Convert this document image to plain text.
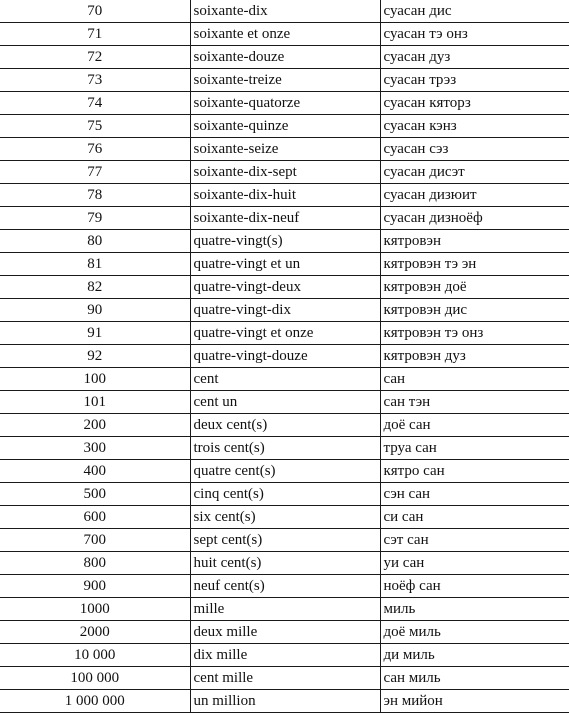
70	soixante-dix	суасан дис
71	soixante et onze	суасан тэ онз
72	soixante-douze	суасан дуз
73	soixante-treize	суасан трэз
74	soixante-quatorze	суасан кяторз
75	soixante-quinze	суасан кэнз
76	soixante-seize	суасан сэз
77	soixante-dix-sept	суасан дисэт
78	soixante-dix-huit	суасан дизюит
79	soixante-dix-neuf	суасан дизноёф
80	quatre-vingt(s)	кятровэн
81	quatre-vingt et un	кятровэн тэ эн
82	quatre-vingt-deux	кятровэн доё
90	quatre-vingt-dix	кятровэн дис
91	quatre-vingt et onze	кятровэн тэ онз
92	quatre-vingt-douze	кятровэн дуз
100	cent	сан
101	cent un	сан тэн
200	deux cent(s)	доё сан
300	trois cent(s)	труа сан
400	quatre cent(s)	кятро сан
500	cinq cent(s)	сэн сан
600	six cent(s)	си сан
700	sept cent(s)	сэт сан
800	huit cent(s)	уи сан
900	neuf cent(s)	ноёф сан
1000	mille	миль
2000	deux mille	доё миль
10 000	dix mille	ди миль
100 000	cent mille	сан миль
1 000 000	un million	эн мийон
